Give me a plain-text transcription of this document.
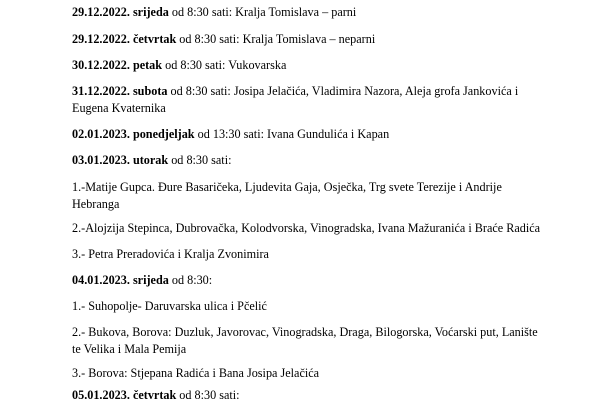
29.12.2022. srijeda od 8:30 sati: Kralja Tomislava – parni
29.12.2022. četvrtak od 8:30 sati: Kralja Tomislava – neparni
30.12.2022. petak od 8:30 sati: Vukovarska
31.12.2022. subota od 8:30 sati: Josipa Jelačića, Vladimira Nazora, Aleja grofa Jankovića i
Eugena Kvaternika
02.01.2023. ponedjeljak od 13:30 sati: Ivana Gundulića i Kapan
03.01.2023. utorak od 8:30 sati:
1.-Matije Gupca. Đure Basaričeka, Ljudevita Gaja, Osječka, Trg svete Terezije i Andrije
Hebranga
2.-Alojzija Stepinca, Dubrovačka, Kolodvorska, Vinogradska, Ivana Mažuranića i Braće Radića
3.- Petra Preradovića i Kralja Zvonimira
04.01.2023. srijeda od 8:30:
1.- Suhopolje- Daruvarska ulica i Pčelić
2.- Bukova, Borova: Duzluk, Javorovac, Vinogradska, Draga, Bilogorska, Voćarski put, Lanište
te Velika i Mala Pemija
3.- Borova: Stjepana Radića i Bana Josipa Jelačića
05.01.2023. četvrtak od 8:30 sati:
